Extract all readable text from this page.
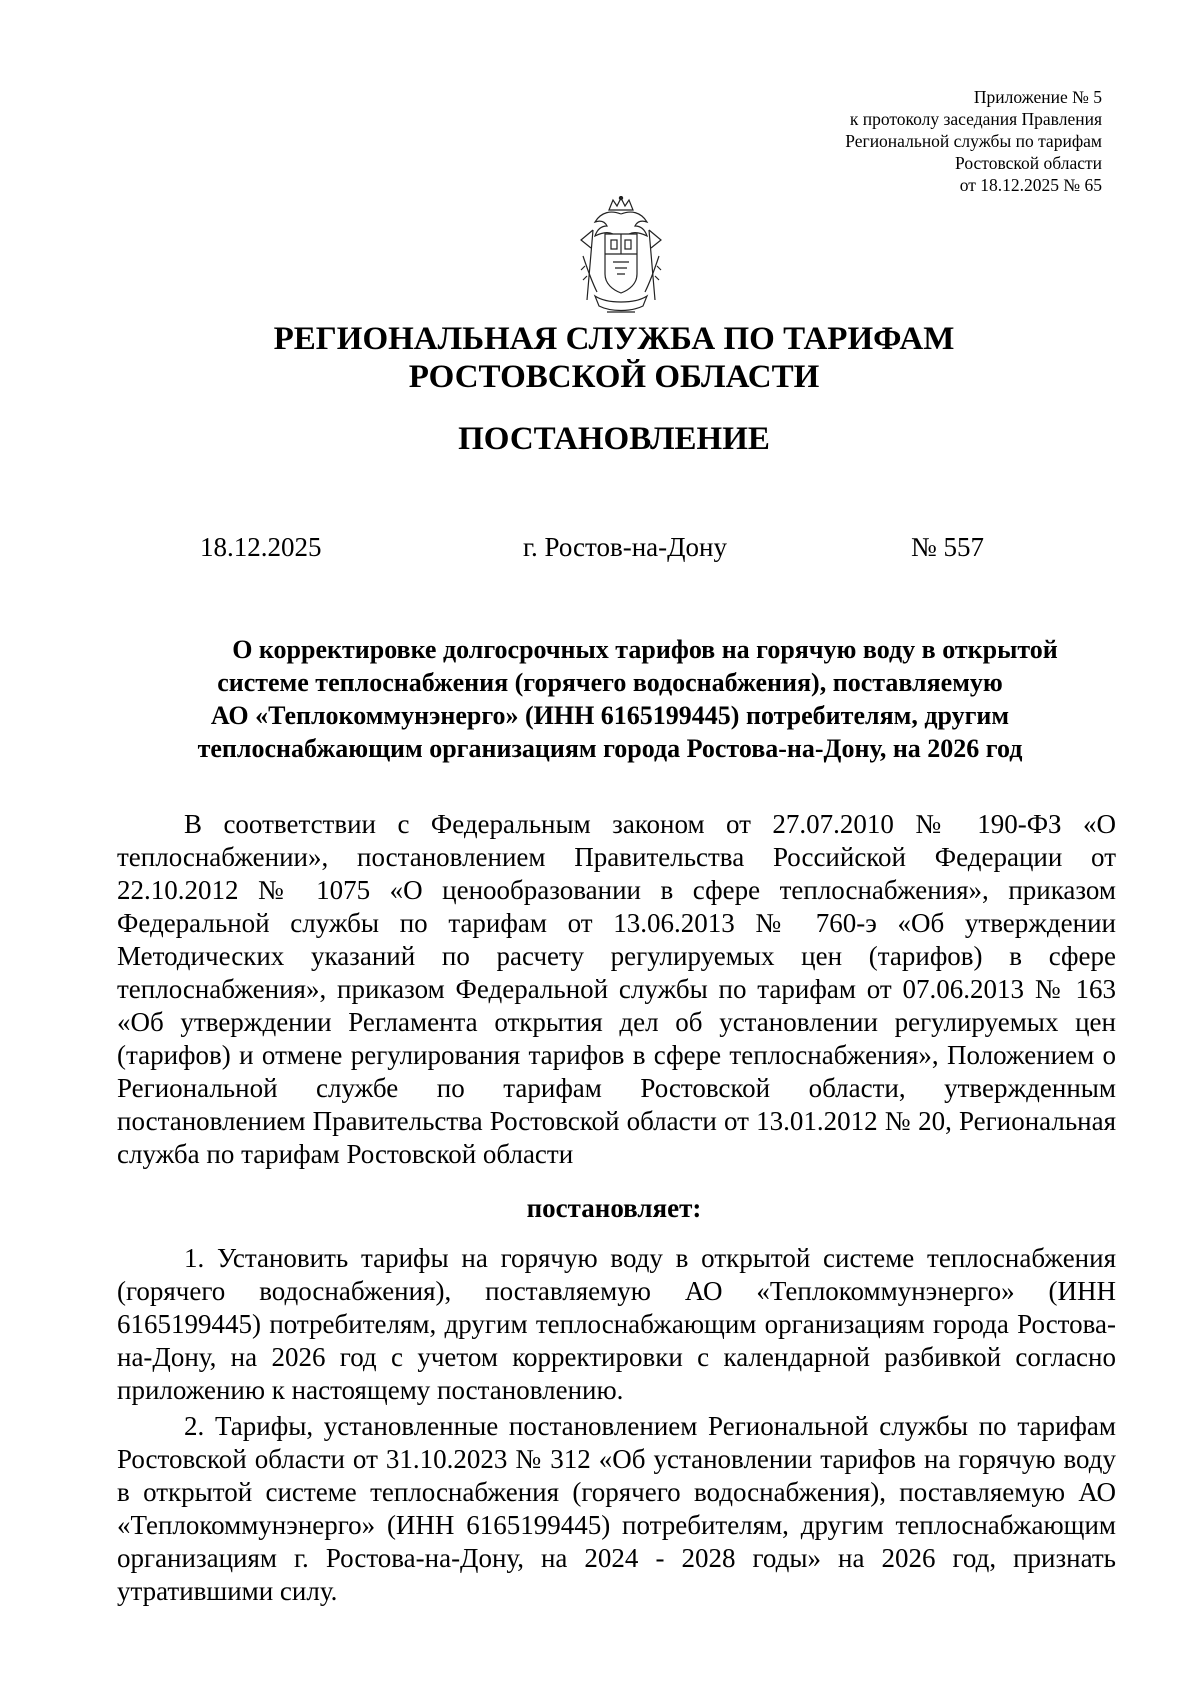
Приложение № 5
к протоколу заседания Правления
Региональной службы по тарифам
Ростовской области
от 18.12.2025 № 65
РЕГИОНАЛЬНАЯ СЛУЖБА ПО ТАРИФАМ
РОСТОВСКОЙ ОБЛАСТИ
ПОСТАНОВЛЕНИЕ
18.12.2025	г. Ростов-на-Дону	№ 557
О корректировке долгосрочных тарифов на горячую воду в открытой
системе теплоснабжения (горячего водоснабжения), поставляемую
АО «Теплокоммунэнерго» (ИНН 6165199445) потребителям, другим
теплоснабжающим организациям города Ростова-на-Дону, на 2026 год

В соответствии с Федеральным законом от 27.07.2010 № 190-ФЗ «О теплоснабжении», постановлением Правительства Российской Федерации от 22.10.2012 № 1075 «О ценообразовании в сфере теплоснабжения», приказом Федеральной службы по тарифам от 13.06.2013 № 760-э «Об утверждении Методических указаний по расчету регулируемых цен (тарифов) в сфере теплоснабжения», приказом Федеральной службы по тарифам от 07.06.2013 № 163 «Об утверждении Регламента открытия дел об установлении регулируемых цен (тарифов) и отмене регулирования тарифов в сфере теплоснабжения», Положением о Региональной службе по тарифам Ростовской области, утвержденным постановлением Правительства Ростовской области от 13.01.2012 № 20, Региональная служба по тарифам Ростовской области

постановляет:

1. Установить тарифы на горячую воду в открытой системе теплоснабжения (горячего водоснабжения), поставляемую АО «Теплокоммунэнерго» (ИНН 6165199445) потребителям, другим теплоснабжающим организациям города Ростова-на-Дону, на 2026 год с учетом корректировки с календарной разбивкой согласно приложению к настоящему постановлению.

2. Тарифы, установленные постановлением Региональной службы по тарифам Ростовской области от 31.10.2023 № 312 «Об установлении тарифов на горячую воду в открытой системе теплоснабжения (горячего водоснабжения), поставляемую АО «Теплокоммунэнерго» (ИНН 6165199445) потребителям, другим теплоснабжающим организациям г. Ростова-на-Дону, на 2024 - 2028 годы» на 2026 год, признать утратившими силу.
